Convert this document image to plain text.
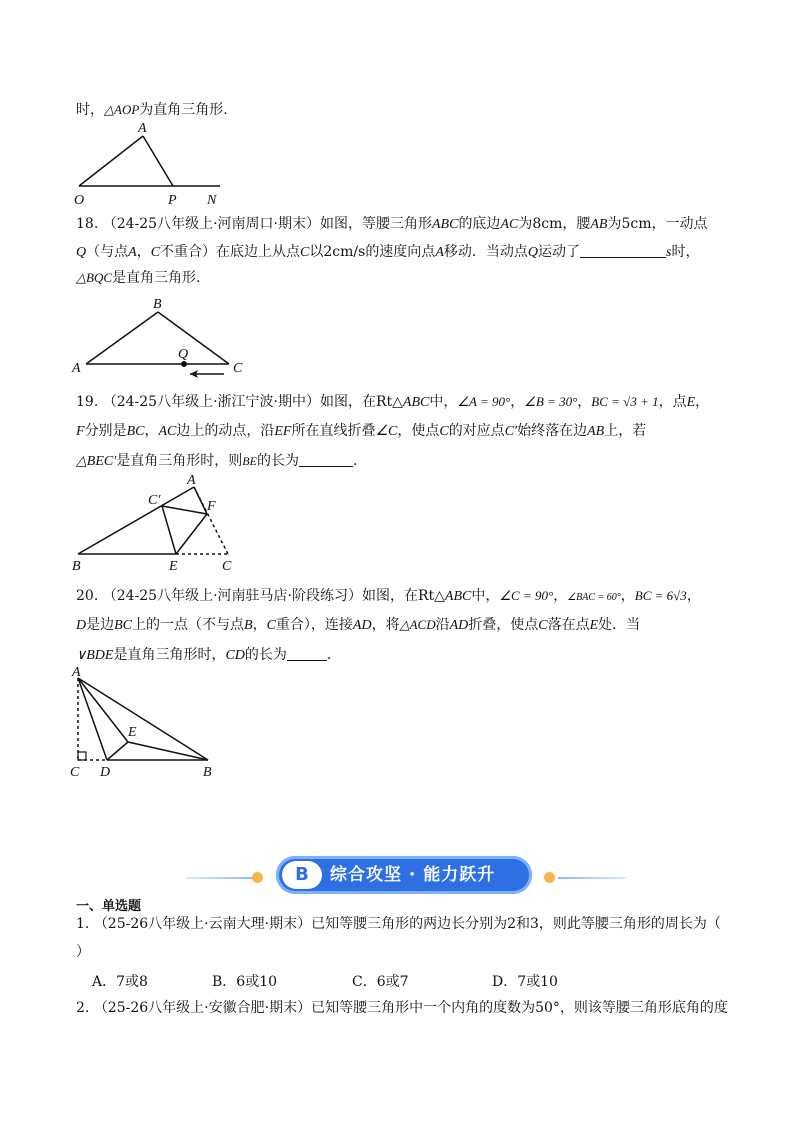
时，△AOP为直角三角形.
A
O	P N
18. （24-25八年级上·河南周口·期末）如图，等腰三角形ABC的底边AC为8cm，腰AB为5cm，一动点
Q（与点A，C不重合）在底边上从点C以2cm/s的速度向点A移动．当动点Q运动了	s时，
△BQC是直角三角形.
B
A	C
Q
19. （24-25八年级上·浙江宁波·期中）如图，在Rt△ABC中，∠A = 90°，∠B = 30°，BC = √3 + 1，点E，
F分别是BC，AC边上的动点，沿EF所在直线折叠∠C，使点C的对应点C′始终落在边AB上，若
△BEC′是直角三角形时，则BE的长为	.
A
C′	F
B	E	C
20. （24-25八年级上·河南驻马店·阶段练习）如图，在Rt△ABC中，∠C = 90°，∠BAC = 60°，BC = 6√3，
D是边BC上的一点（不与点B，C重合），连接AD，将△ACD沿AD折叠，使点C落在点E处．当
∨BDE是直角三角形时，CD的长为	.
A
E
C D	B
B	综合攻坚 · 能力跃升
一、单选题
1. （25-26八年级上·云南大理·期末）已知等腰三角形的两边长分别为2和3，则此等腰三角形的周长为（
）
A．7或8	B．6或10	C．6或7	D．7或10
2. （25-26八年级上·安徽合肥·期末）已知等腰三角形中一个内角的度数为50°，则该等腰三角形底角的度
